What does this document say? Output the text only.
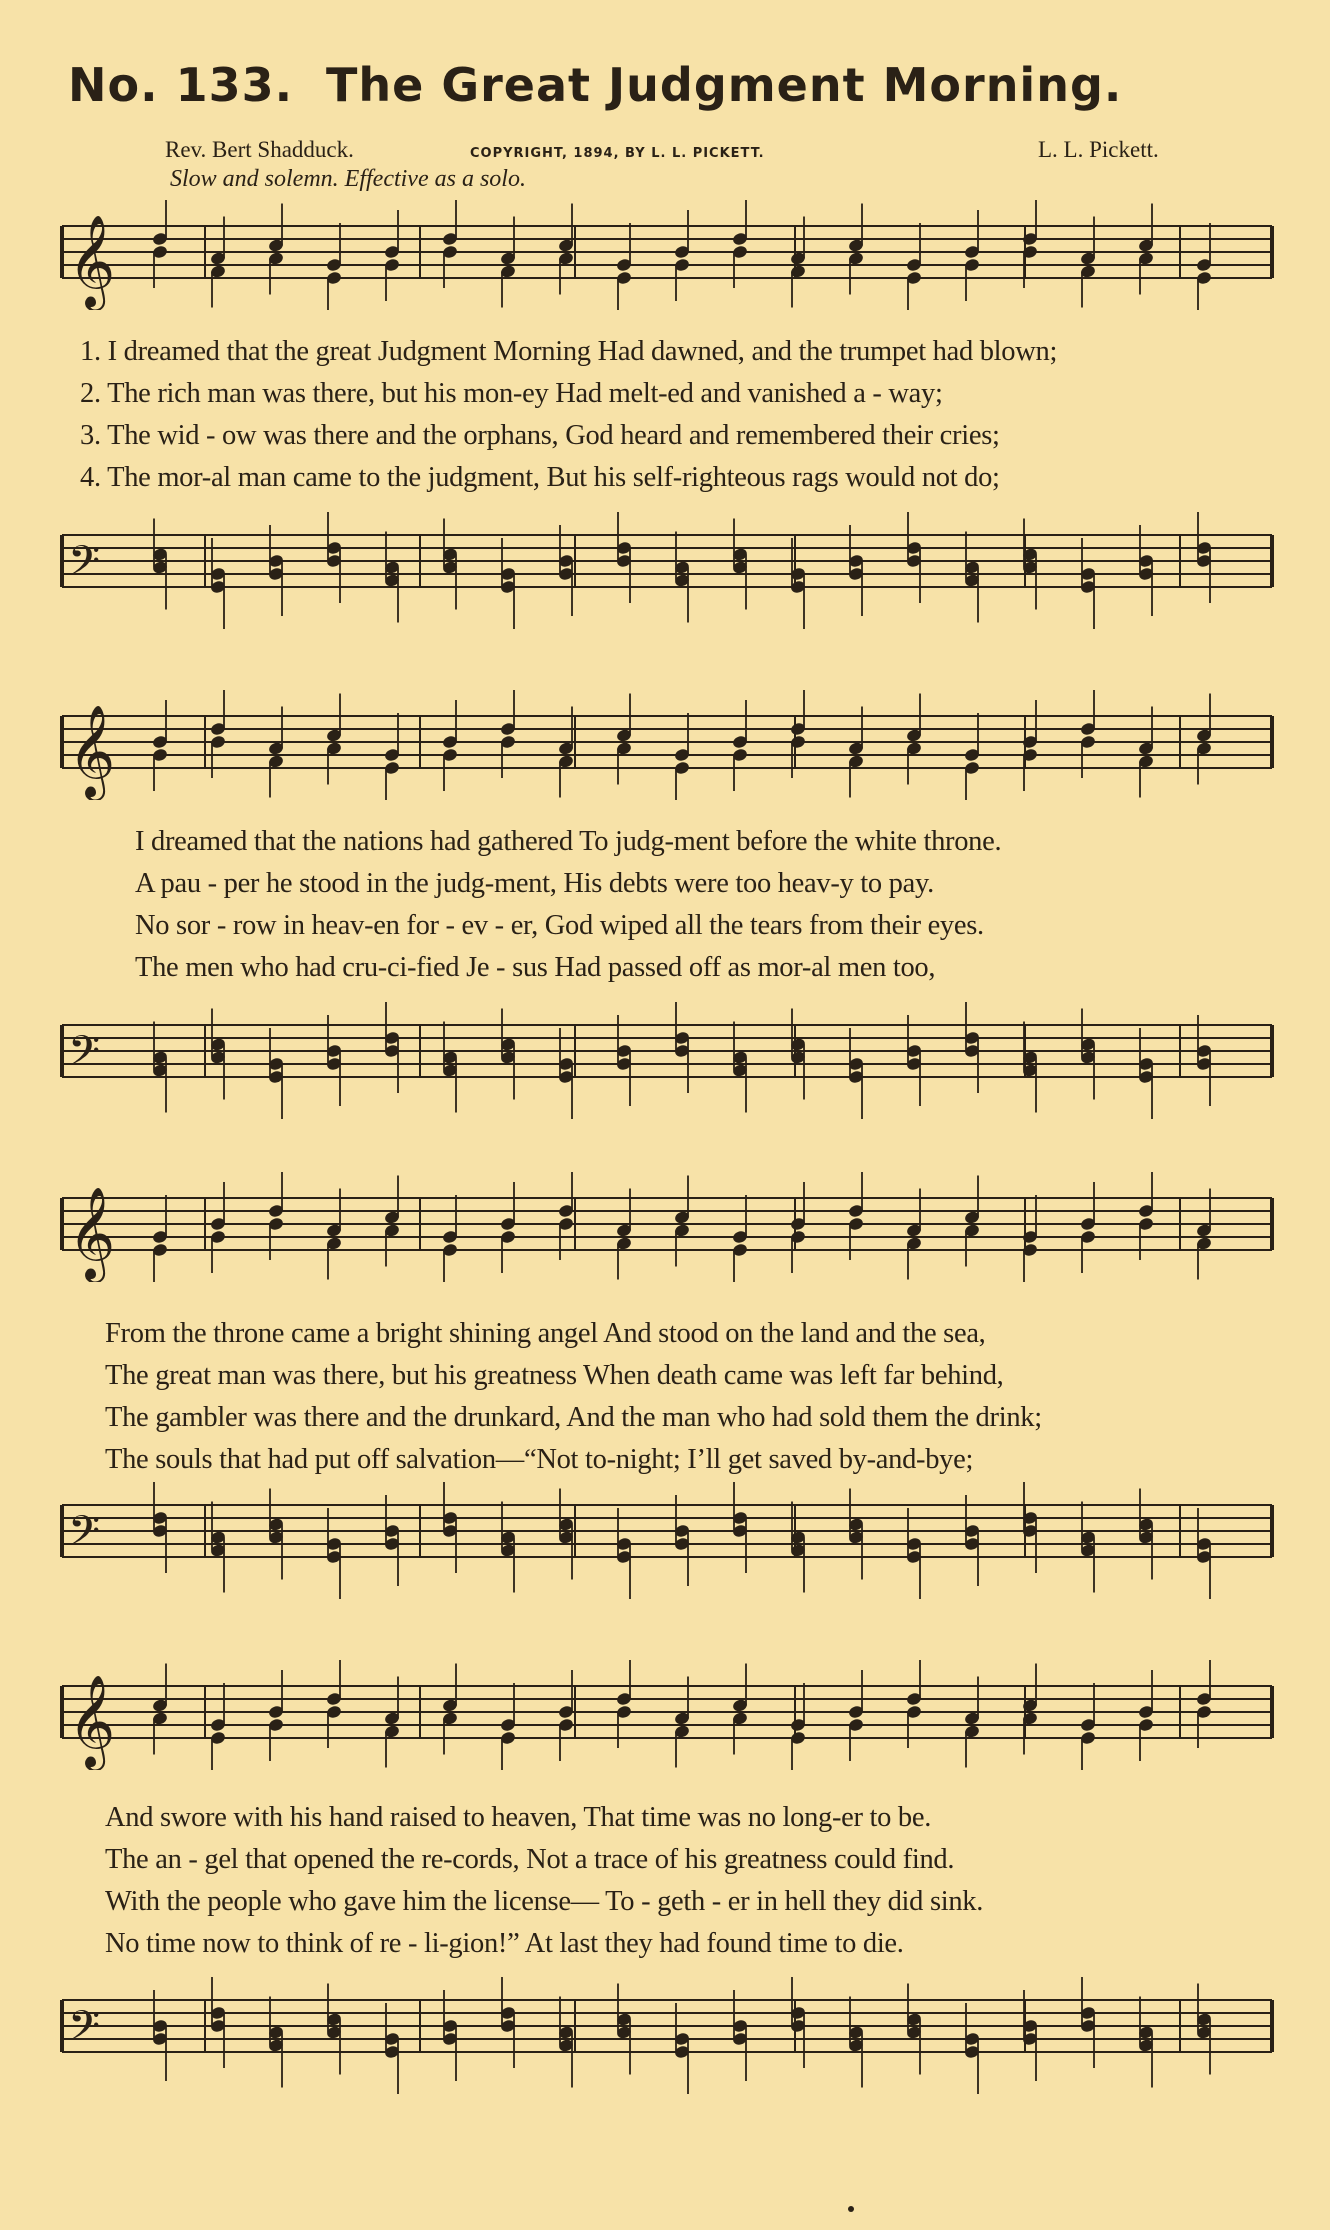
No. 133. The Great Judgment Morning.
Rev. Bert Shadduck.	COPYRIGHT, 1894, BY L. L. PICKETT.	L. L. Pickett.
Slow and solemn. Effective as a solo.
𝄞
1. I dreamed that the great Judgment Morning Had dawned, and the trumpet had blown;
2. The rich man was there, but his mon-ey Had melt-ed and vanished a - way;
3. The wid - ow was there and the orphans, God heard and remembered their cries;
4. The mor-al man came to the judgment, But his self-righteous rags would not do;
𝄢
𝄞
I dreamed that the nations had gathered To judg-ment before the white throne.
A pau - per he stood in the judg-ment, His debts were too heav-y to pay.
No sor - row in heav-en for - ev - er, God wiped all the tears from their eyes.
The men who had cru-ci-fied Je - sus Had passed off as mor-al men too,
𝄢
𝄞
From the throne came a bright shining angel And stood on the land and the sea,
The great man was there, but his greatness When death came was left far behind,
The gambler was there and the drunkard, And the man who had sold them the drink;
The souls that had put off salvation—“Not to-night; I’ll get saved by-and-bye;
𝄢
𝄞
And swore with his hand raised to heaven, That time was no long-er to be.
The an - gel that opened the re-cords, Not a trace of his greatness could find.
With the people who gave him the license— To - geth - er in hell they did sink.
No time now to think of re - li-gion!” At last they had found time to die.
𝄢
